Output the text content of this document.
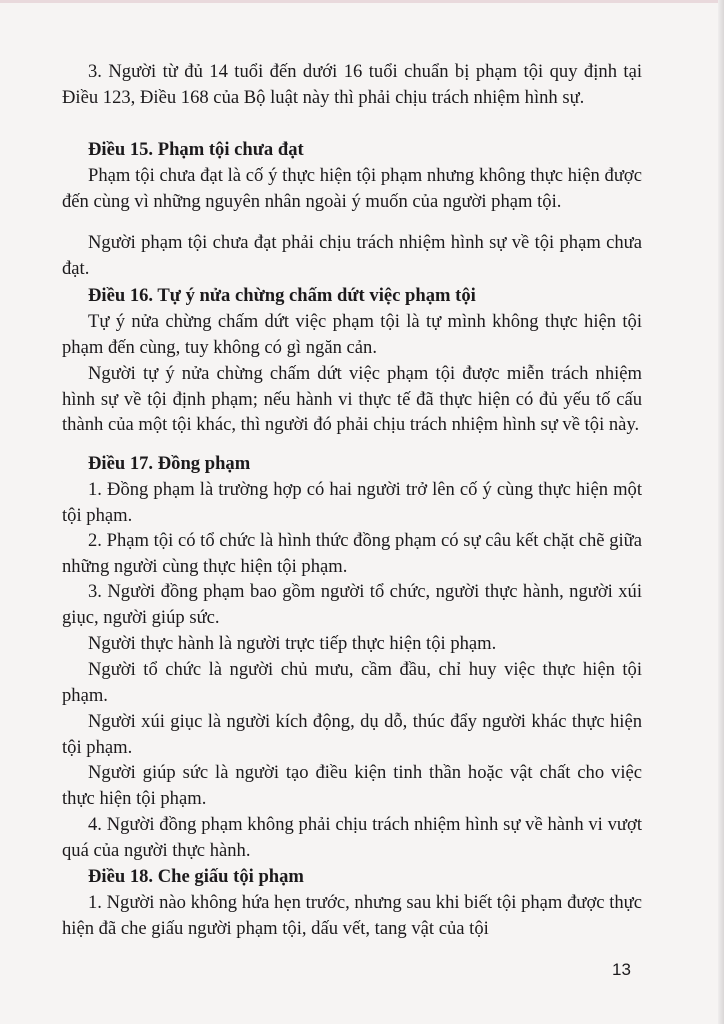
3. Người từ đủ 14 tuổi đến dưới 16 tuổi chuẩn bị phạm tội quy định tại Điều 123, Điều 168 của Bộ luật này thì phải chịu trách nhiệm hình sự.
Điều 15. Phạm tội chưa đạt
Phạm tội chưa đạt là cố ý thực hiện tội phạm nhưng không thực hiện được đến cùng vì những nguyên nhân ngoài ý muốn của người phạm tội.
Người phạm tội chưa đạt phải chịu trách nhiệm hình sự về tội phạm chưa đạt.
Điều 16. Tự ý nửa chừng chấm dứt việc phạm tội
Tự ý nửa chừng chấm dứt việc phạm tội là tự mình không thực hiện tội phạm đến cùng, tuy không có gì ngăn cản.
Người tự ý nửa chừng chấm dứt việc phạm tội được miễn trách nhiệm hình sự về tội định phạm; nếu hành vi thực tế đã thực hiện có đủ yếu tố cấu thành của một tội khác, thì người đó phải chịu trách nhiệm hình sự về tội này.
Điều 17. Đồng phạm
1. Đồng phạm là trường hợp có hai người trở lên cố ý cùng thực hiện một tội phạm.
2. Phạm tội có tổ chức là hình thức đồng phạm có sự câu kết chặt chẽ giữa những người cùng thực hiện tội phạm.
3. Người đồng phạm bao gồm người tổ chức, người thực hành, người xúi giục, người giúp sức.
Người thực hành là người trực tiếp thực hiện tội phạm.
Người tổ chức là người chủ mưu, cầm đầu, chỉ huy việc thực hiện tội phạm.
Người xúi giục là người kích động, dụ dỗ, thúc đẩy người khác thực hiện tội phạm.
Người giúp sức là người tạo điều kiện tinh thần hoặc vật chất cho việc thực hiện tội phạm.
4. Người đồng phạm không phải chịu trách nhiệm hình sự về hành vi vượt quá của người thực hành.
Điều 18. Che giấu tội phạm
1. Người nào không hứa hẹn trước, nhưng sau khi biết tội phạm được thực hiện đã che giấu người phạm tội, dấu vết, tang vật của tội
13
